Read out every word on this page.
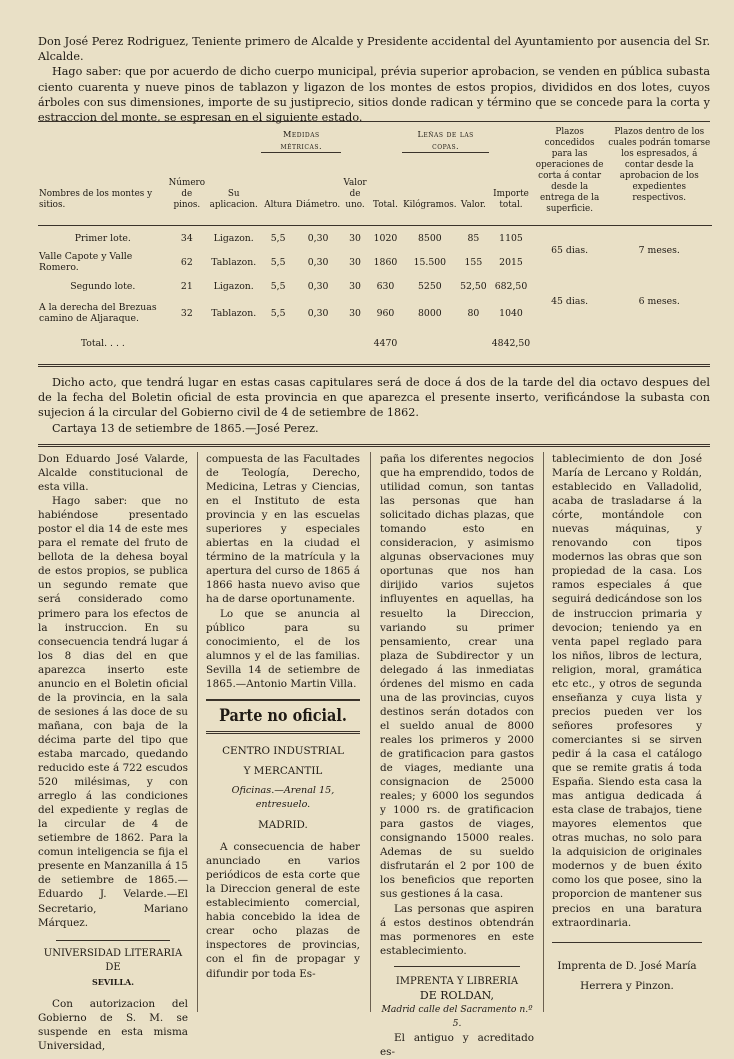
Don José Perez Rodriguez, Teniente primero de Alcalde y Presidente accidental del Ayuntamiento por ausencia del Sr. Alcalde.

Hago saber: que por acuerdo de dicho cuerpo municipal, prévia superior aprobacion, se venden en pública subasta ciento cuarenta y nueve pinos de tablazon y ligazon de los montes de estos propios, divididos en dos lotes, cuyos árboles con sus dimensiones, importe de su justiprecio, sitios donde radican y término que se concede para la corta y estraccion del monte, se espresan en el siguiente estado.

			Medidas métricas.				Leñas de las copas.			Plazos concedidos para las operaciones de corta á contar desde la entrega de la superficie.	Plazos dentro de los cuales podrán tomarse los espresados, á contar desde la aprobacion de los expedientes respectivos.
Nombres de los montes y sitios.	Número de pinos.	Su aplicacion.	Altura	Diámetro.	Valor de uno.	Total.	Kilógramos.	Valor.	Importe total.		

Primer lote.	34	Ligazon.	5,5	0,30	30	1020	8500	85	1105	65 dias.	7 meses.
Valle Capote y Valle Romero.	62	Tablazon.	5,5	0,30	30	1860	15.500	155	2015		
Segundo lote.	21	Ligazon.	5,5	0,30	30	630	5250	52,50	682,50	45 dias.	6 meses.
A la derecha del Brezuas camino de Aljaraque.	32	Tablazon.	5,5	0,30	30	960	8000	80	1040		
Total. . . .						4470			4842,50		

Dicho acto, que tendrá lugar en estas casas capitulares será de doce á dos de la tarde del dia octavo despues del de la fecha del Boletin oficial de esta provincia en que aparezca el presente inserto, verificándose la subasta con sujecion á la circular del Gobierno civil de 4 de setiembre de 1862.

Cartaya 13 de setiembre de 1865.—José Perez.

Don Eduardo José Valarde, Alcalde constitucional de esta villa.

Hago saber: que no habiéndose presentado postor el dia 14 de este mes para el remate del fruto de bellota de la dehesa boyal de estos propios, se publica un segundo remate que será considerado como primero para los efectos de la instruccion. En su consecuencia tendrá lugar á los 8 dias del en que aparezca inserto este anuncio en el Boletin oficial de la provincia, en la sala de sesiones á las doce de su mañana, con baja de la décima parte del tipo que estaba marcado, quedando reducido este á 722 escudos 520 milésimas, y con arreglo á las condiciones del expediente y reglas de la circular de 4 de setiembre de 1862. Para la comun inteligencia se fija el presente en Manzanilla á 15 de setiembre de 1865.—Eduardo J. Velarde.—El Secretario, Mariano Márquez.

UNIVERSIDAD LITERARIA DE

SEVILLA.

Con autorizacion del Gobierno de S. M. se suspende en esta misma Universidad,

compuesta de las Facultades de Teología, Derecho, Medicina, Letras y Ciencias, en el Instituto de esta provincia y en las escuelas superiores y especiales abiertas en la ciudad el término de la matrícula y la apertura del curso de 1865 á 1866 hasta nuevo aviso que ha de darse oportunamente.

Lo que se anuncia al público para su conocimiento, el de los alumnos y el de las familias. Sevilla 14 de setiembre de 1865.—Antonio Martin Villa.

Parte no oficial.

CENTRO INDUSTRIAL

Y MERCANTIL

Oficinas.—Arenal 15, entresuelo.

MADRID.

A consecuencia de haber anunciado en varios periódicos de esta corte que la Direccion general de este establecimiento comercial, habia concebido la idea de crear ocho plazas de inspectores de provincias, con el fin de propagar y difundir por toda Es-

paña los diferentes negocios que ha emprendido, todos de utilidad comun, son tantas las personas que han solicitado dichas plazas, que tomando esto en consideracion, y asimismo algunas observaciones muy oportunas que nos han dirijido varios sujetos influyentes en aquellas, ha resuelto la Direccion, variando su primer pensamiento, crear una plaza de Subdirector y un delegado á las inmediatas órdenes del mismo en cada una de las provincias, cuyos destinos serán dotados con el sueldo anual de 8000 reales los primeros y 2000 de gratificacion para gastos de viages, mediante una consignacion de 25000 reales; y 6000 los segundos y 1000 rs. de gratificacion para gastos de viages, consignando 15000 reales. Ademas de su sueldo disfrutarán el 2 por 100 de los beneficios que reporten sus gestiones á la casa.

Las personas que aspiren á estos destinos obtendrán mas pormenores en este establecimiento.

IMPRENTA Y LIBRERIA

DE ROLDAN,

Madrid calle del Sacramento n.º 5.

El antiguo y acreditado es-

tablecimiento de don José María de Lercano y Roldán, establecido en Valladolid, acaba de trasladarse á la córte, montándole con nuevas máquinas, y renovando con tipos modernos las obras que son propiedad de la casa. Los ramos especiales á que seguirá dedicándose son los de instruccion primaria y devocion; teniendo ya en venta papel reglado para los niños, libros de lectura, religion, moral, gramática etc etc., y otros de segunda enseñanza y cuya lista y precios pueden ver los señores profesores y comerciantes si se sirven pedir á la casa el catálogo que se remite gratis á toda España. Siendo esta casa la mas antigua dedicada á esta clase de trabajos, tiene mayores elementos que otras muchas, no solo para la adquisicion de originales modernos y de buen éxito como los que posee, sino la proporcion de mantener sus precios en una baratura extraordinaria.

Imprenta de D. José María

Herrera y Pinzon.
